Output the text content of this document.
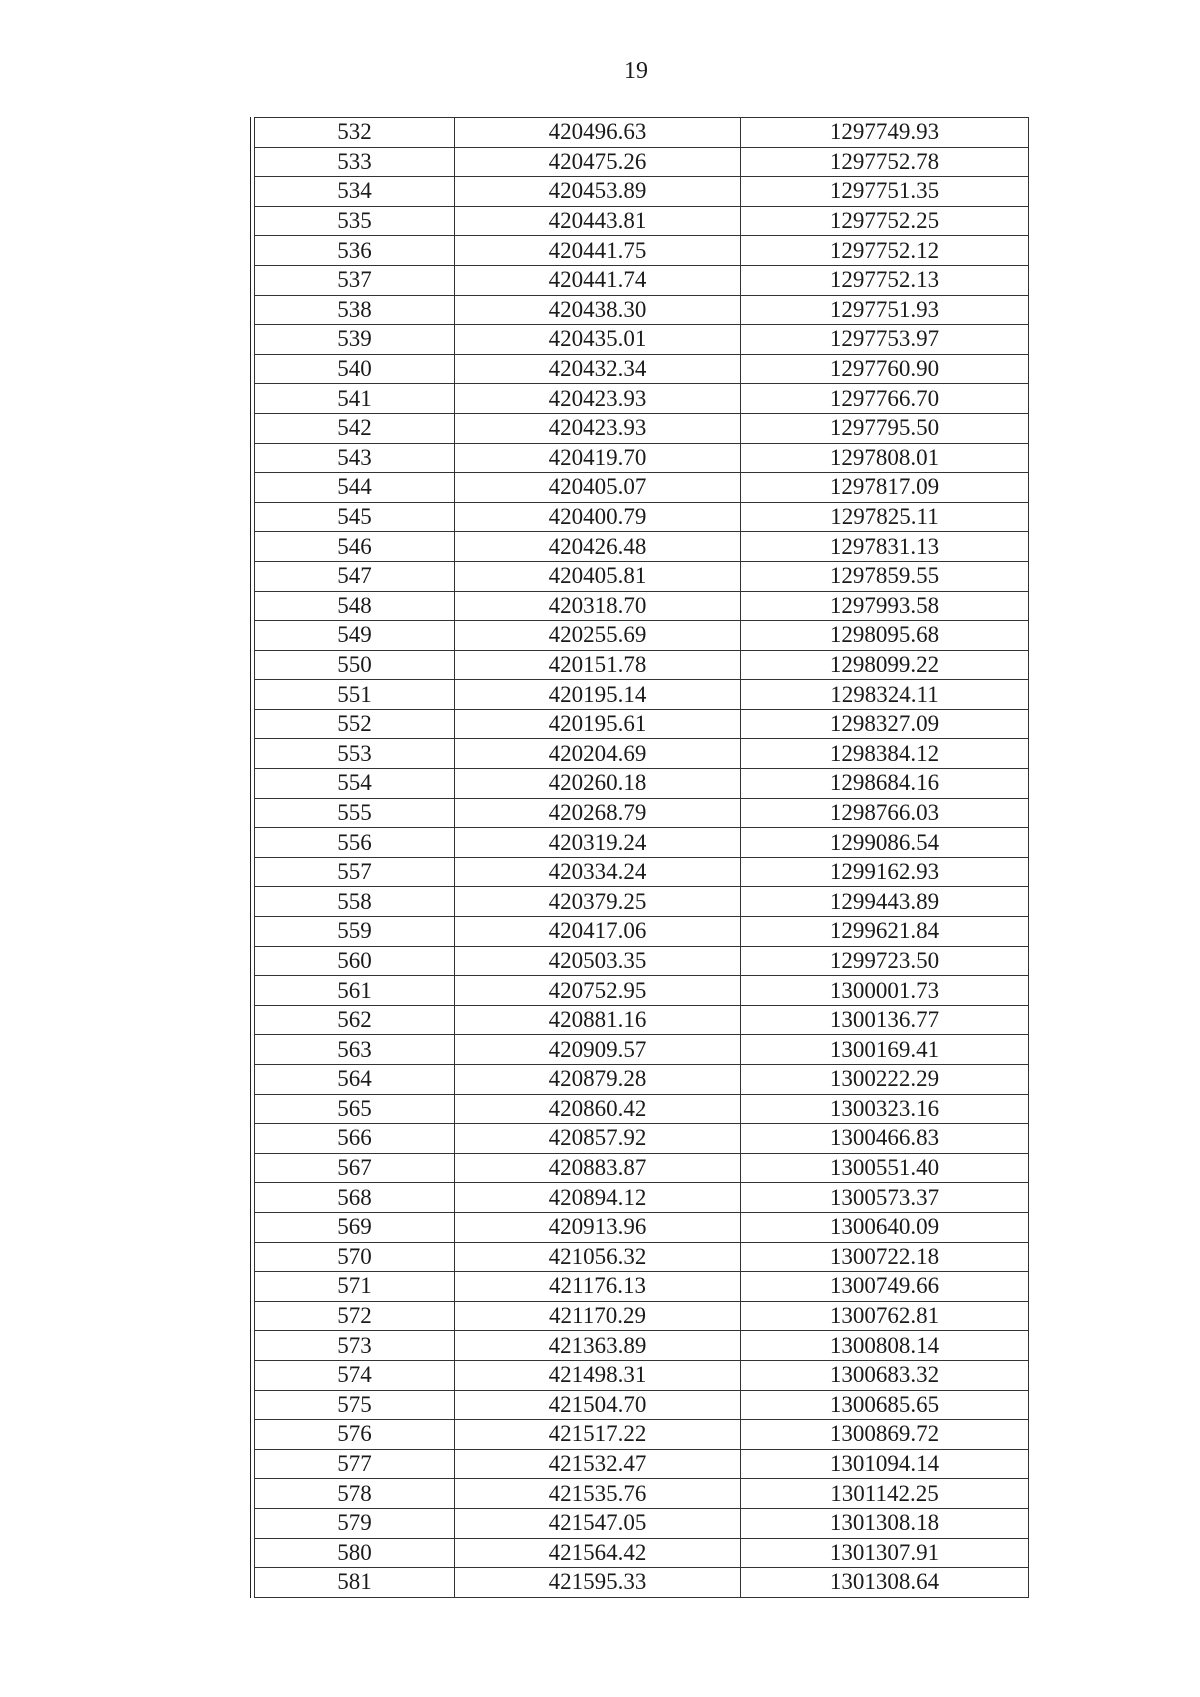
19
532	420496.63	1297749.93
533	420475.26	1297752.78
534	420453.89	1297751.35
535	420443.81	1297752.25
536	420441.75	1297752.12
537	420441.74	1297752.13
538	420438.30	1297751.93
539	420435.01	1297753.97
540	420432.34	1297760.90
541	420423.93	1297766.70
542	420423.93	1297795.50
543	420419.70	1297808.01
544	420405.07	1297817.09
545	420400.79	1297825.11
546	420426.48	1297831.13
547	420405.81	1297859.55
548	420318.70	1297993.58
549	420255.69	1298095.68
550	420151.78	1298099.22
551	420195.14	1298324.11
552	420195.61	1298327.09
553	420204.69	1298384.12
554	420260.18	1298684.16
555	420268.79	1298766.03
556	420319.24	1299086.54
557	420334.24	1299162.93
558	420379.25	1299443.89
559	420417.06	1299621.84
560	420503.35	1299723.50
561	420752.95	1300001.73
562	420881.16	1300136.77
563	420909.57	1300169.41
564	420879.28	1300222.29
565	420860.42	1300323.16
566	420857.92	1300466.83
567	420883.87	1300551.40
568	420894.12	1300573.37
569	420913.96	1300640.09
570	421056.32	1300722.18
571	421176.13	1300749.66
572	421170.29	1300762.81
573	421363.89	1300808.14
574	421498.31	1300683.32
575	421504.70	1300685.65
576	421517.22	1300869.72
577	421532.47	1301094.14
578	421535.76	1301142.25
579	421547.05	1301308.18
580	421564.42	1301307.91
581	421595.33	1301308.64
